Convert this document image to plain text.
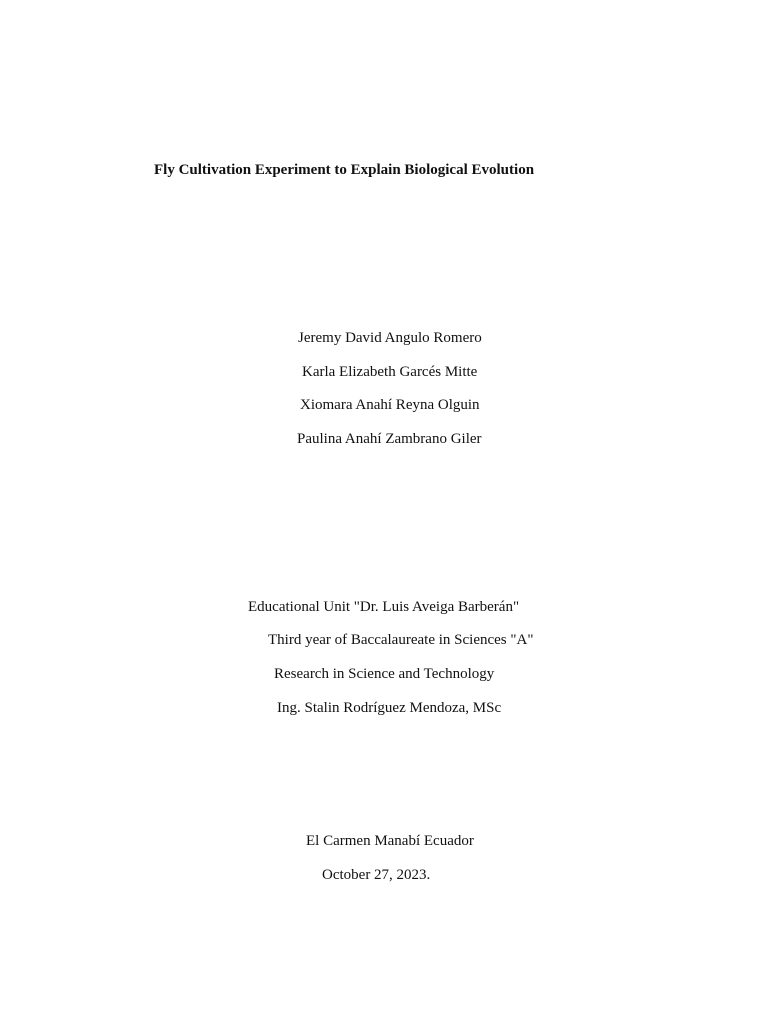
Fly Cultivation Experiment to Explain Biological Evolution
Jeremy David Angulo Romero
Karla Elizabeth Garcés Mitte
Xiomara Anahí Reyna Olguin
Paulina Anahí Zambrano Giler
Educational Unit "Dr. Luis Aveiga Barberán"
Third year of Baccalaureate in Sciences "A"
Research in Science and Technology
Ing. Stalin Rodríguez Mendoza, MSc
El Carmen Manabí Ecuador
October 27, 2023.
